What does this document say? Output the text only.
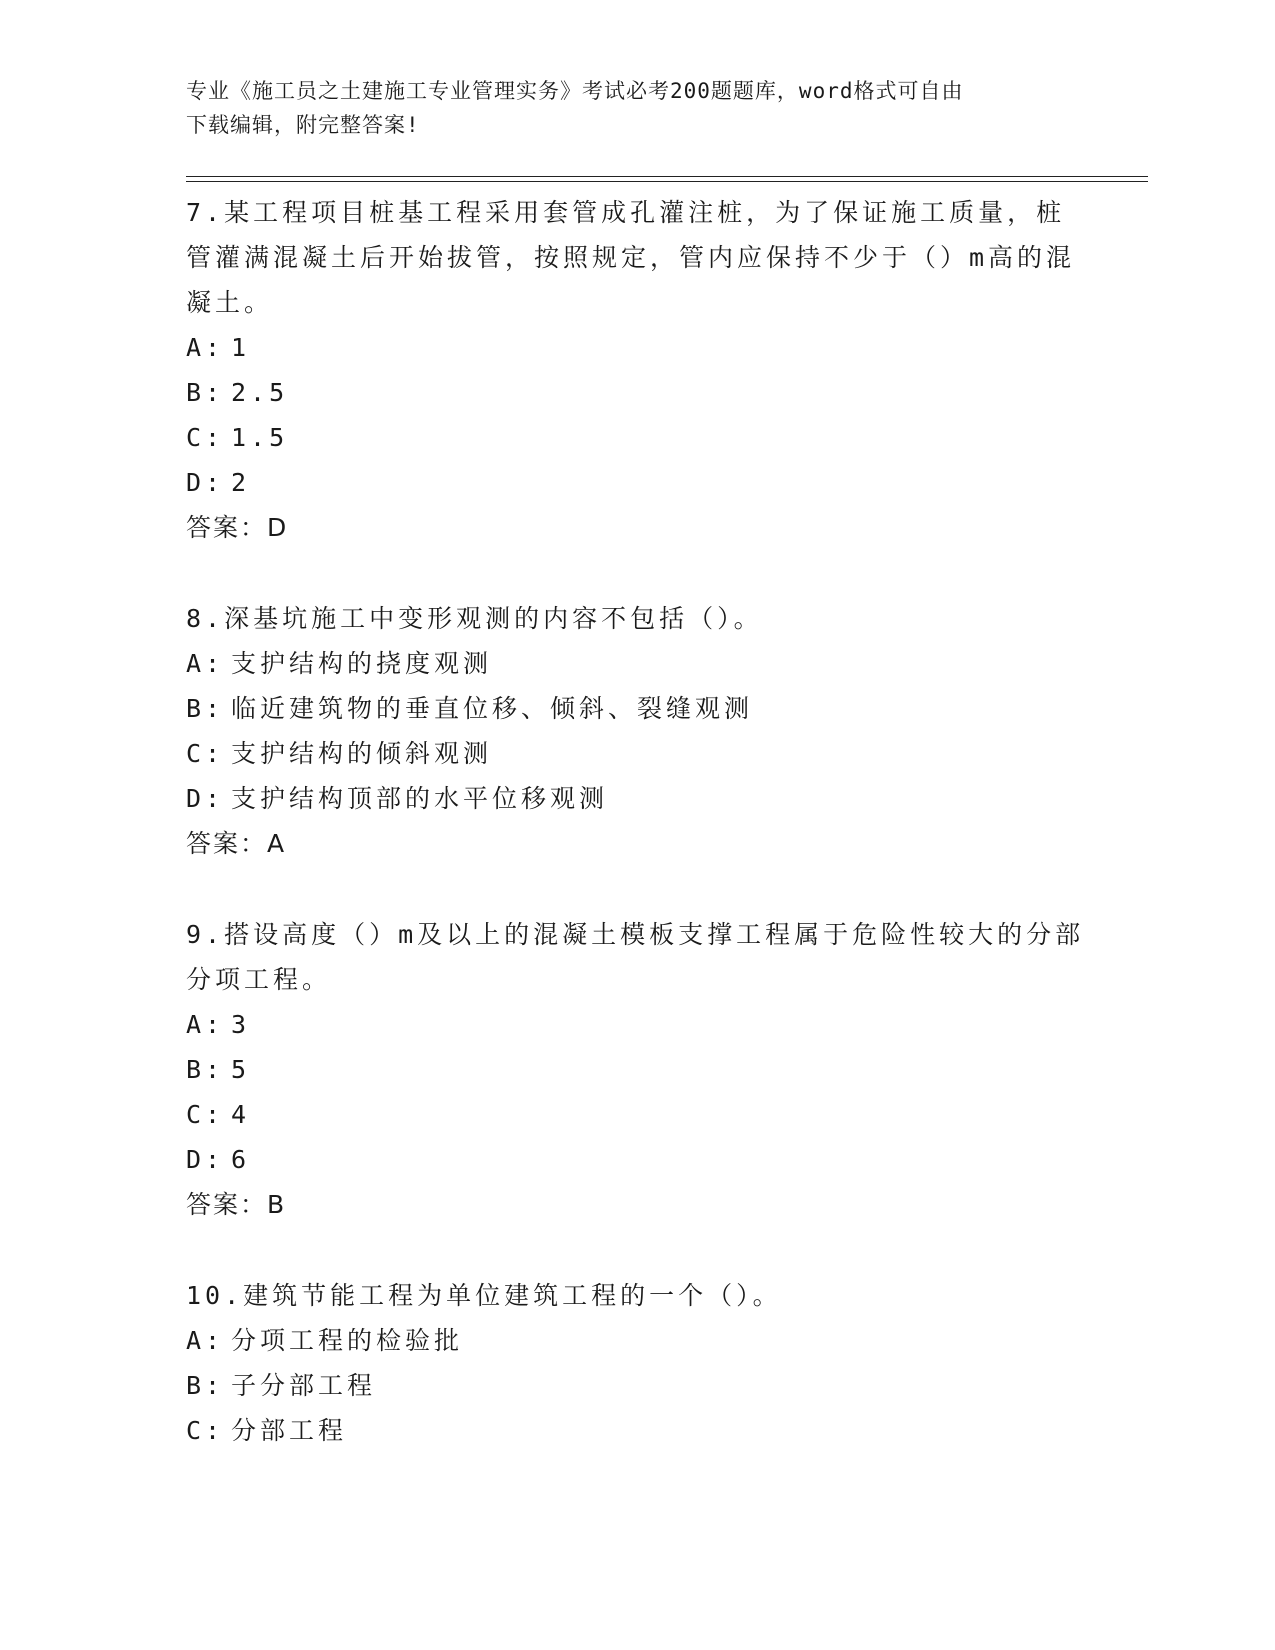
专业《施工员之土建施工专业管理实务》考试必考200题题库，word格式可自由
下载编辑，附完整答案!
7.某工程项目桩基工程采用套管成孔灌注桩，为了保证施工质量，桩
管灌满混凝土后开始拔管，按照规定，管内应保持不少于（）m高的混
凝土。
A: 1
B: 2.5
C: 1.5
D: 2
答案：D
8.深基坑施工中变形观测的内容不包括（）。
A: 支护结构的挠度观测
B: 临近建筑物的垂直位移、倾斜、裂缝观测
C: 支护结构的倾斜观测
D: 支护结构顶部的水平位移观测
答案：A
9.搭设高度（）m及以上的混凝土模板支撑工程属于危险性较大的分部
分项工程。
A: 3
B: 5
C: 4
D: 6
答案：B
10.建筑节能工程为单位建筑工程的一个（）。
A: 分项工程的检验批
B: 子分部工程
C: 分部工程
